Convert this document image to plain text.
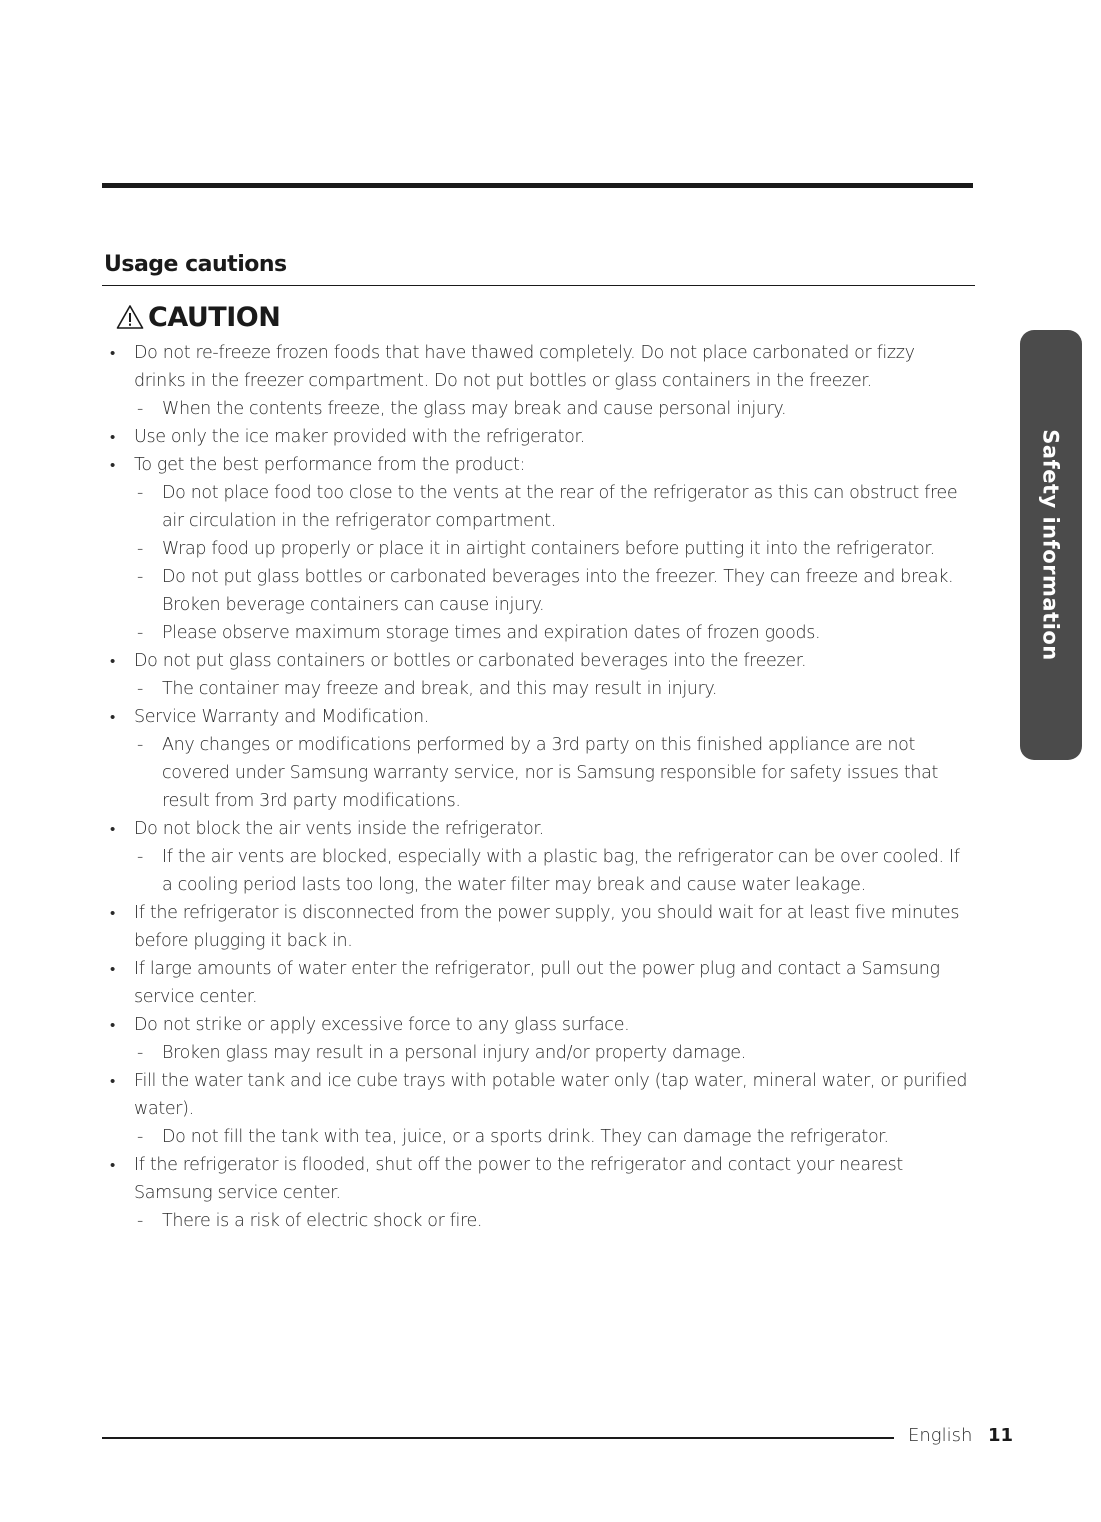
Usage cautions
CAUTION
• Do not re-freeze frozen foods that have thawed completely. Do not place carbonated or fizzy drinks in the freezer compartment. Do not put bottles or glass containers in the freezer.
- When the contents freeze, the glass may break and cause personal injury.
• Use only the ice maker provided with the refrigerator.
• To get the best performance from the product:
- Do not place food too close to the vents at the rear of the refrigerator as this can obstruct free air circulation in the refrigerator compartment.
- Wrap food up properly or place it in airtight containers before putting it into the refrigerator.
- Do not put glass bottles or carbonated beverages into the freezer. They can freeze and break. Broken beverage containers can cause injury.
- Please observe maximum storage times and expiration dates of frozen goods.
• Do not put glass containers or bottles or carbonated beverages into the freezer.
- The container may freeze and break, and this may result in injury.
• Service Warranty and Modification.
- Any changes or modifications performed by a 3rd party on this finished appliance are not covered under Samsung warranty service, nor is Samsung responsible for safety issues that result from 3rd party modifications.
• Do not block the air vents inside the refrigerator.
- If the air vents are blocked, especially with a plastic bag, the refrigerator can be over cooled. If a cooling period lasts too long, the water filter may break and cause water leakage.
• If the refrigerator is disconnected from the power supply, you should wait for at least five minutes before plugging it back in.
• If large amounts of water enter the refrigerator, pull out the power plug and contact a Samsung service center.
• Do not strike or apply excessive force to any glass surface.
- Broken glass may result in a personal injury and/or property damage.
• Fill the water tank and ice cube trays with potable water only (tap water, mineral water, or purified water).
- Do not fill the tank with tea, juice, or a sports drink. They can damage the refrigerator.
• If the refrigerator is flooded, shut off the power to the refrigerator and contact your nearest Samsung service center.
- There is a risk of electric shock or fire.
Safety information
English 11
